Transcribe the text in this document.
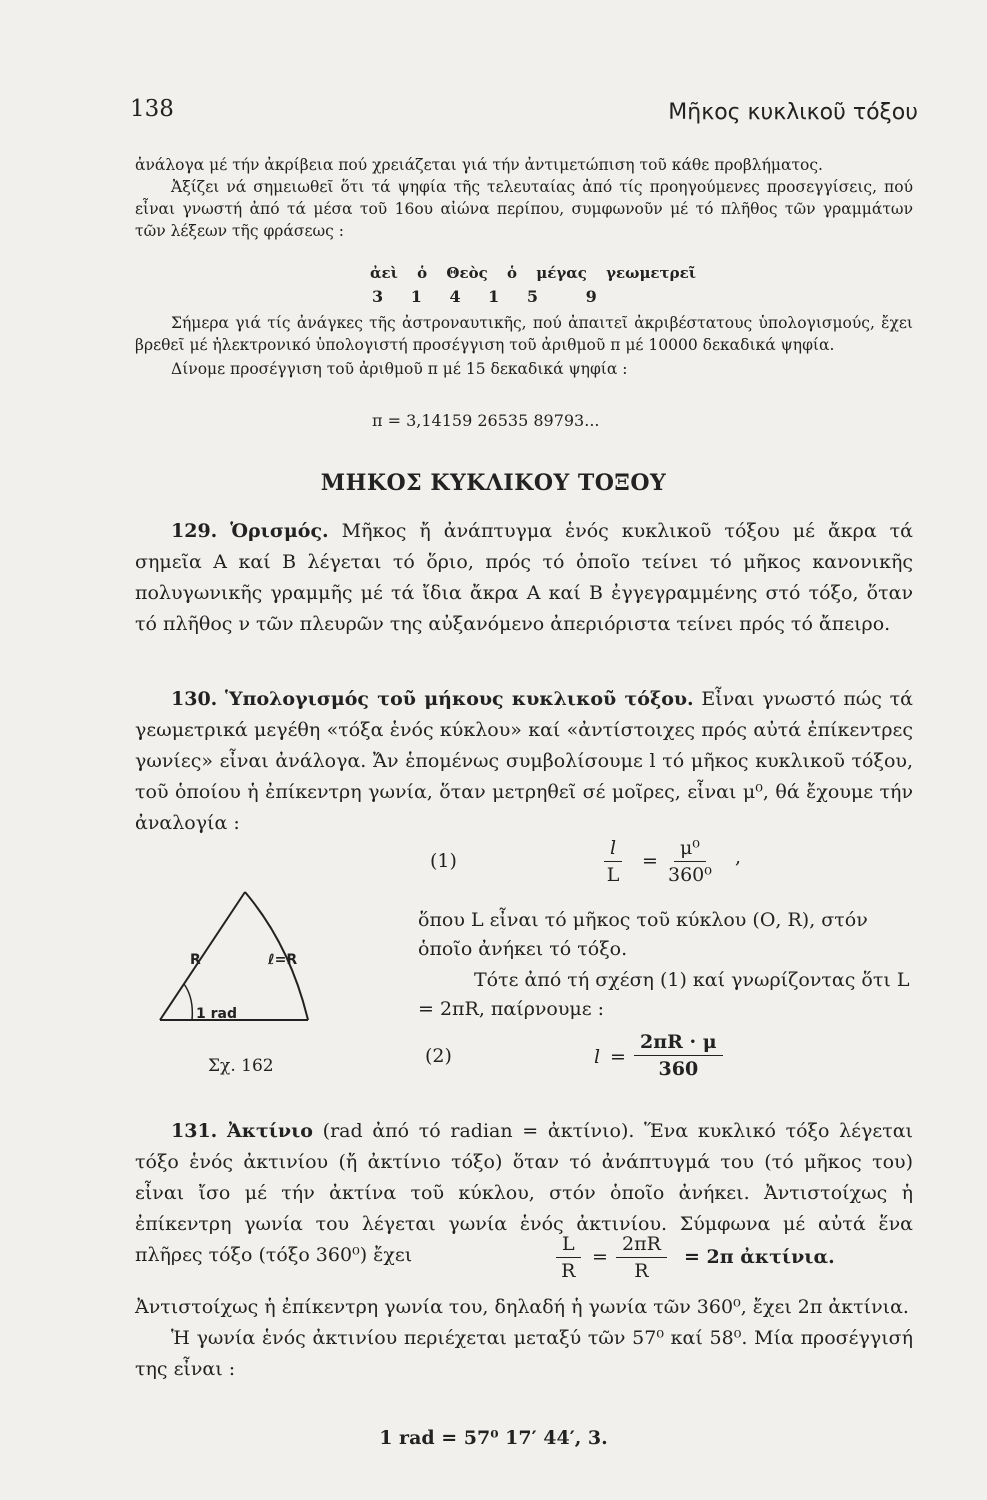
138	Μῆκος κυκλικοῦ τόξου

ἀνάλογα μέ τήν ἀκρίβεια πού χρειάζεται γιά τήν ἀντιμετώπιση τοῦ κάθε προβλήματος.

Ἀξίζει νά σημειωθεῖ ὅτι τά ψηφία τῆς τελευταίας ἀπό τίς προηγούμενες προσεγγίσεις, πού εἶναι γνωστή ἀπό τά μέσα τοῦ 16ου αἰώνα περίπου, συμφωνοῦν μέ τό πλῆθος τῶν γραμμάτων τῶν λέξεων τῆς φράσεως :

ἀεὶ ὁ Θεὸς ὁ μέγας γεωμετρεῖ
3 1 4 1 5	9

Σήμερα γιά τίς ἀνάγκες τῆς ἀστροναυτικῆς, πού ἀπαιτεῖ ἀκριβέστατους ὑπολογισμούς, ἔχει βρεθεῖ μέ ἠλεκτρονικό ὑπολογιστή προσέγγιση τοῦ ἀριθμοῦ π μέ 10000 δεκαδικά ψηφία.

Δίνομε προσέγγιση τοῦ ἀριθμοῦ π μέ 15 δεκαδικά ψηφία :

π = 3,14159 26535 89793...
ΜΗΚΟΣ ΚΥΚΛΙΚΟΥ ΤΟΞΟΥ

129. Ὁρισμός. Μῆκος ἤ ἀνάπτυγμα ἑνός κυκλικοῦ τόξου μέ ἄκρα τά σημεῖα Α καί Β λέγεται τό ὅριο, πρός τό ὁποῖο τείνει τό μῆκος κανονικῆς πολυγωνικῆς γραμμῆς μέ τά ἴδια ἄκρα Α καί Β ἐγγεγραμμένης στό τόξο, ὅταν τό πλῆθος ν τῶν πλευρῶν της αὐξανόμενο ἀπεριόριστα τείνει πρός τό ἄπειρο.

130. Ὑπολογισμός τοῦ μήκους κυκλικοῦ τόξου. Εἶναι γνωστό πώς τά γεωμετρικά μεγέθη «τόξα ἑνός κύκλου» καί «ἀντίστοιχες πρός αὐτά ἐπίκεντρες γωνίες» εἶναι ἀνάλογα. Ἄν ἑπομένως συμβολίσουμε l τό μῆκος κυκλικοῦ τόξου, τοῦ ὁποίου ἡ ἐπίκεντρη γωνία, ὅταν μετρηθεῖ σέ μοῖρες, εἶναι μ⁰, θά ἔχουμε τήν ἀναλογία :

(1)	$\frac{l}{L} = \frac{\text{μ⁰}}{\text{360⁰}}$ ,
R	ℓ=R
1 rad
Σχ. 162

ὅπου L εἶναι τό μῆκος τοῦ κύκλου (Ο, R), στόν ὁποῖο ἀνήκει τό τόξο.

Τότε ἀπό τή σχέση (1) καί γνωρίζοντας ὅτι L = 2πR, παίρνουμε :

(2)	$l = \frac{2\pi R \cdot \mu}{360}$

131. Ἀκτίνιο (rad ἀπό τό radian = ἀκτίνιο). Ἕνα κυκλικό τόξο λέγεται τόξο ἑνός ἀκτινίου (ἤ ἀκτίνιο τόξο) ὅταν τό ἀνάπτυγμά του (τό μῆκος του) εἶναι ἴσο μέ τήν ἀκτίνα τοῦ κύκλου, στόν ὁποῖο ἀνήκει. Ἀντιστοίχως ἡ ἐπίκεντρη γωνία του λέγεται γωνία ἑνός ἀκτινίου. Σύμφωνα μέ αὐτά ἕνα πλῆρες τόξο (τόξο 360⁰) ἔχει	$\frac{L}{R} = \frac{2\pi R}{R} = 2\pi$ ἀκτίνια.

Ἀντιστοίχως ἡ ἐπίκεντρη γωνία του, δηλαδή ἡ γωνία τῶν 360⁰, ἔχει 2π ἀκτίνια.

Ἡ γωνία ἑνός ἀκτινίου περιέχεται μεταξύ τῶν 57⁰ καί 58⁰. Μία προσέγγισή της εἶναι :

1 rad = 57⁰ 17′ 44′, 3.
